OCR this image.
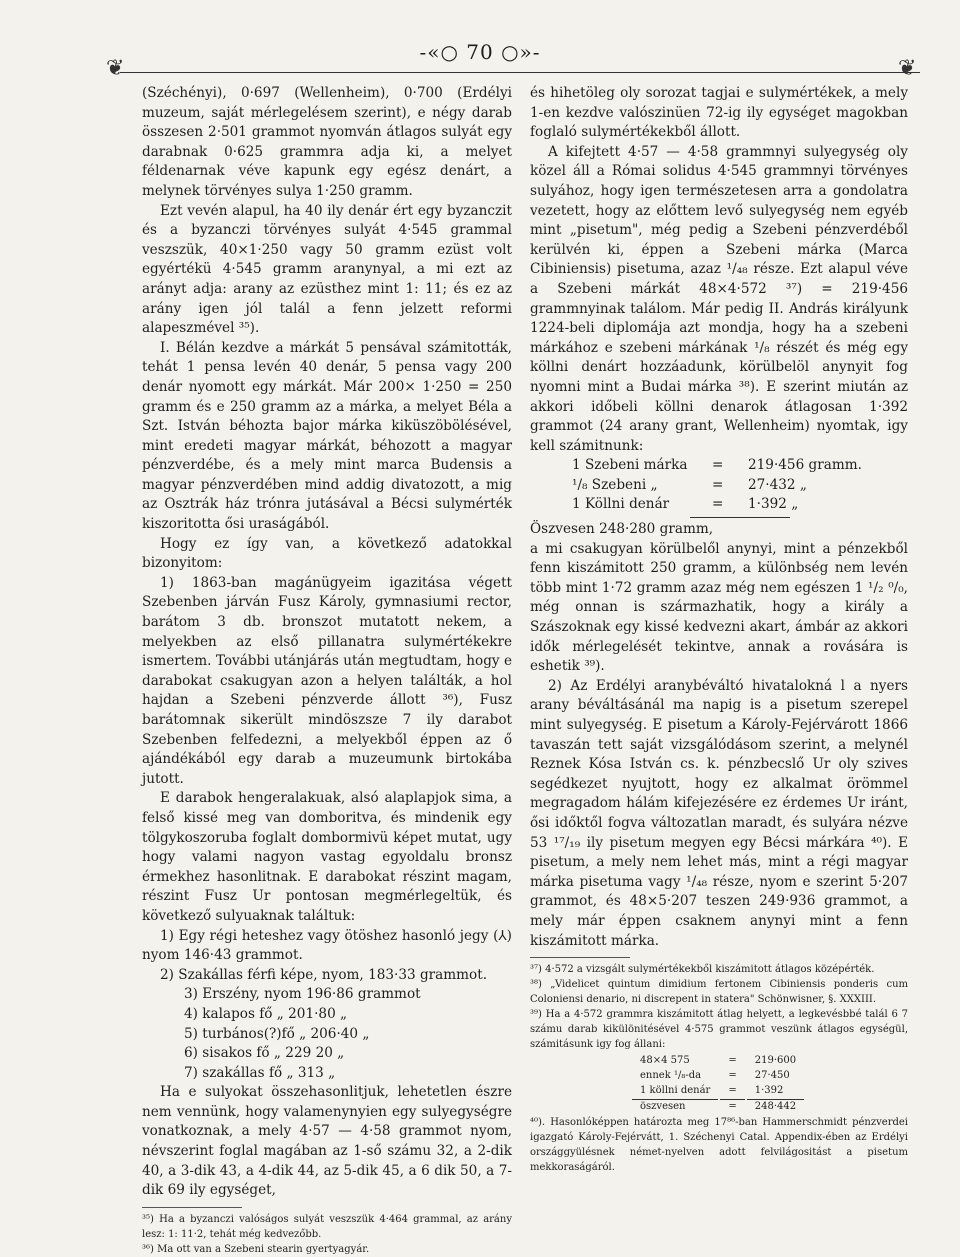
-«○ 70 ○»-
❦	❦

(Széchényi), 0·697 (Wellenheim), 0·700 (Erdélyi muzeum, saját mérlegelésem szerint), e négy darab összesen 2·501 grammot nyomván átlagos sulyát egy darabnak 0·625 grammra adja ki, a melyet féldenarnak véve kapunk egy egész denárt, a melynek törvényes sulya 1·250 gramm.

Ezt vevén alapul, ha 40 ily denár ért egy byzanczit és a byzanczi törvényes sulyát 4·545 grammal veszszük, 40×1·250 vagy 50 gramm ezüst volt egyértékü 4·545 gramm aranynyal, a mi ezt az arányt adja: arany az ezüsthez mint 1: 11; és ez az arány igen jól talál a fenn jelzett reformi alapeszmével ³⁵).

I. Bélán kezdve a márkát 5 pensával számitották, tehát 1 pensa levén 40 denár, 5 pensa vagy 200 denár nyomott egy márkát. Már 200× 1·250 = 250 gramm és e 250 gramm az a márka, a melyet Béla a Szt. István béhozta bajor márka kiküszöbölésével, mint eredeti magyar márkát, béhozott a magyar pénzverdébe, és a mely mint marca Budensis a magyar pénzverdében mind addig divatozott, a mig az Osztrák ház trónra jutásával a Bécsi sulymérték kiszoritotta ősi uraságából.

Hogy ez így van, a következő adatokkal bizonyitom:

1) 1863-ban magánügyeim igazitása végett Szebenben járván Fusz Károly, gymnasiumi rector, barátom 3 db. bronszot mutatott nekem, a melyekben az első pillanatra sulymértékekre ismertem. További utánjárás után megtudtam, hogy e darabokat csakugyan azon a helyen találták, a hol hajdan a Szebeni pénzverde állott ³⁶), Fusz barátomnak sikerült mindöszsze 7 ily darabot Szebenben felfedezni, a melyekből éppen az ő ajándékából egy darab a muzeumunk birtokába jutott.

E darabok hengeralakuak, alsó alaplapjok sima, a felső kissé meg van domboritva, és mindenik egy tölgykoszoruba foglalt dombormivü képet mutat, ugy hogy valami nagyon vastag egyoldalu bronsz érmekhez hasonlitnak. E darabokat részint magam, részint Fusz Ur pontosan megmérlegeltük, és következő sulyuaknak találtuk:

1) Egy régi heteshez vagy ötöshez hasonló jegy (⅄) nyom 146·43 grammot.

2) Szakállas férfi képe, nyom, 183·33 grammot.

3) Erszény, nyom 196·86 grammot

4) kalapos fő „ 201·80 „

5) turbános(?)fő „ 206·40 „

6) sisakos fő „ 229 20 „

7) szakállas fő „ 313 „

Ha e sulyokat összehasonlitjuk, lehetetlen észre nem vennünk, hogy valamenynyien egy sulyegységre vonatkoznak, a mely 4·57 — 4·58 grammot nyom, névszerint foglal magában az 1-ső számu 32, a 2-dik 40, a 3-dik 43, a 4-dik 44, az 5-dik 45, a 6 dik 50, a 7-dik 69 ily egységet,

³⁵) Ha a byzanczi valóságos sulyát veszszük 4·464 grammal, az arány lesz: 1: 11·2, tehát még kedvezőbb.

³⁶) Ma ott van a Szebeni stearin gyertyagyár.

és hihetöleg oly sorozat tagjai e sulymértékek, a mely 1-en kezdve valószinüen 72-ig ily egységet magokban foglaló sulymértékekből állott.

A kifejtett 4·57 — 4·58 grammnyi sulyegység oly közel áll a Római solidus 4·545 grammnyi törvényes sulyához, hogy igen természetesen arra a gondolatra vezetett, hogy az előttem levő sulyegység nem egyéb mint „pisetum", még pedig a Szebeni pénzverdéből kerülvén ki, éppen a Szebeni márka (Marca Cibiniensis) pisetuma, azaz ¹/₄₈ része. Ezt alapul véve a Szebeni márkát 48×4·572 ³⁷) = 219·456 grammnyinak találom. Már pedig II. András királyunk 1224-beli diplomája azt mondja, hogy ha a szebeni márkához e szebeni márkának ¹/₈ részét és még egy köllni denárt hozzáadunk, körülbelöl anynyit fog nyomni mint a Budai márka ³⁸). E szerint miután az akkori időbeli köllni denarok átlagosan 1·392 grammot (24 arany grant, Wellenheim) nyomtak, igy kell számitnunk:

1 Szebeni márka	=	219·456 gramm.
¹/₈ Szebeni „	=	27·432 „
1 Köllni denár	=	1·392 „

Öszvesen 248·280 gramm,

a mi csakugyan körülbelől anynyi, mint a pénzekből fenn kiszámitott 250 gramm, a különbség nem levén több mint 1·72 gramm azaz még nem egészen 1 ¹/₂ ⁰/₀, még onnan is származhatik, hogy a király a Szászoknak egy kissé kedvezni akart, ámbár az akkori idők mérlegelését tekintve, annak a rovására is eshetik ³⁹).

2) Az Erdélyi aranybéváltó hivatalokná l a nyers arany béváltásánál ma napig is a pisetum szerepel mint sulyegység. E pisetum a Károly-Fejérvárott 1866 tavaszán tett saját vizsgálódásom szerint, a melynél Reznek Kósa István cs. k. pénzbecslő Ur oly szives segédkezet nyujtott, hogy ez alkalmat örömmel megragadom hálám kifejezésére ez érdemes Ur iránt, ősi időktől fogva változatlan maradt, és sulyára nézve 53 ¹⁷/₁₉ ily pisetum megyen egy Bécsi márkára ⁴⁰). E pisetum, a mely nem lehet más, mint a régi magyar márka pisetuma vagy ¹/₄₈ része, nyom e szerint 5·207 grammot, és 48×5·207 teszen 249·936 grammot, a mely már éppen csaknem anynyi mint a fenn kiszámitott márka.

³⁷) 4·572 a vizsgált sulymértékekből kiszámitott átlagos középérték.

³⁸) „Videlicet quintum dimidium fertonem Cibiniensis ponderis cum Coloniensi denario, ni discrepent in statera" Schönwisner, §. XXXIII.

³⁹) Ha a 4·572 grammra kiszámitott átlag helyett, a legkevésbbé talál 6 7 számu darab kikülönitésével 4·575 grammot veszünk átlagos egységül, számitásunk igy fog állani:

48×4 575	=	219·600
ennek ¹/₈-da	=	27·450
1 köllni denár	=	1·392
öszvesen	=	248·442

⁴⁰). Hasonlóképpen határozta meg 17⁸⁶-ban Hammerschmidt pénzverdei igazgató Károly-Fejérvátt, 1. Széchenyi Catal. Appendix-ében az Erdélyi országgyülésnek német-nyelven adott felvilágositást a pisetum mekkoraságáról.
